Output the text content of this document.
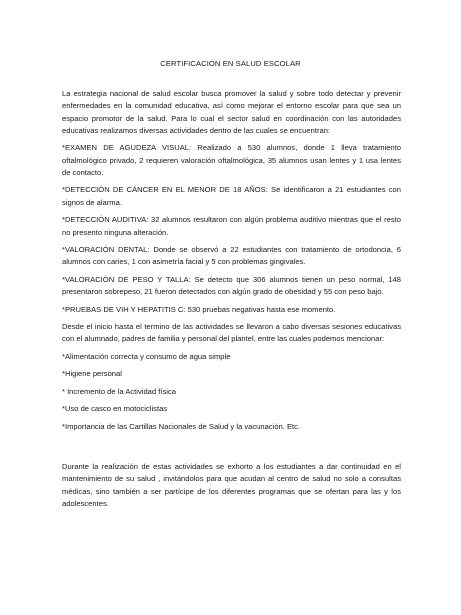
CERTIFICACIÓN EN SALUD ESCOLAR

La estrategia nacional de salud escolar busca promover la salud y sobre todo detectar y prevenir enfermedades en la comunidad educativa, así como mejorar el entorno escolar para que sea un espacio promotor de la salud. Para lo cual el sector salud en coordinación con las autoridades educativas realizamos diversas actividades dentro de las cuales se encuentran:

*EXAMEN DE AGUDEZA VISUAL: Realizado a 530 alumnos, donde 1 lleva tratamiento oftalmológico privado, 2 requieren valoración oftalmológica, 35 alumnos usan lentes y 1 usa lentes de contacto.

*DETECCIÓN DE CÁNCER EN EL MENOR DE 18 AÑOS: Se identificaron a 21 estudiantes con signos de alarma.

*DETECCIÓN AUDITIVA: 32 alumnos resultaron con algún problema auditivo mientras que el resto no presento ninguna alteración.

*VALORACIÓN DENTAL: Donde se observó a 22 estudiantes con tratamiento de ortodoncia, 6 alumnos con caries, 1 con asimetría facial y 5 con problemas gingivales.

*VALORACIÓN DE PESO Y TALLA: Se detecto que 306 alumnos tienen un peso normal, 148 presentaron sobrepeso, 21 fueron detectados con algún grado de obesidad y 55 con peso bajo.

*PRUEBAS DE VIH Y HEPATITIS C: 530 pruebas negativas hasta ese momento.

Desde el inicio hasta el termino de las actividades se llevaron a cabo diversas sesiones educativas con el alumnado, padres de familia y personal del plantel, entre las cuales podemos mencionar:

*Alimentación correcta y consumo de agua simple

*Higiene personal

* Incremento de la Actividad física

*Uso de casco en motociclistas

*Importancia de las Cartillas Nacionales de Salud y la vacunación. Etc.

Durante la realización de estas actividades se exhorto a los estudiantes a dar continuidad en el mantenimiento de su salud , invitándolos para que acudan al centro de salud no solo a consultas médicas, sino también a ser partícipe de los diferentes programas que se ofertan para las y los adolescentes.
